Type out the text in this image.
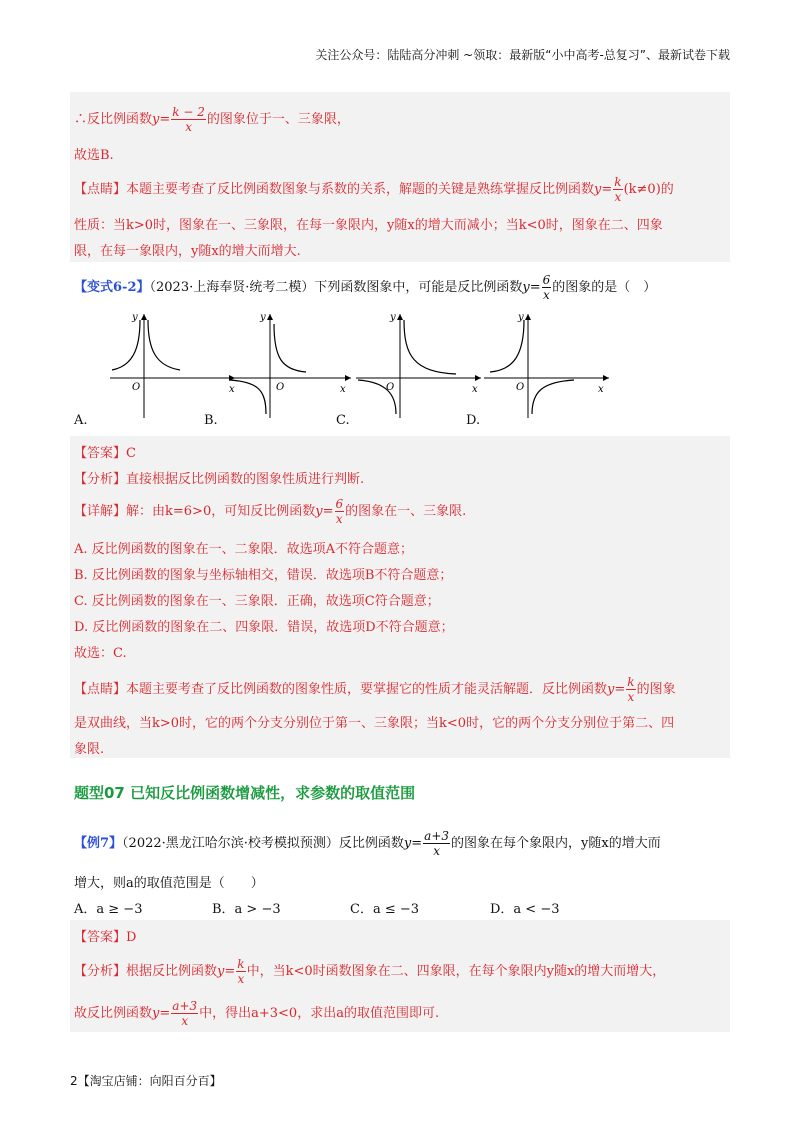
关注公众号：陆陆高分冲刺 ~领取：最新版“小中高考-总复习”、最新试卷下载
∴反比例函数$y= \frac{k - 2}{x}$ 的图象位于一、三象限，
故选B.
【点睛】本题主要考查了反比例函数图象与系数的关系，解题的关键是熟练掌握反比例函数$y= \frac{k}{x} (k\ne 0)$的
性质：当k>0时，图象在一、三象限，在每一象限内，y随x的增大而减小；当k<0时，图象在二、四象
限，在每一象限内，y随x的增大而增大.
【变式6-2】（2023·上海奉贤·统考二模）下列函数图象中，可能是反比例函数$y= \frac{6}{x}$ 的图象的是（　）
y
x
O
y
x
O
y
x
O
y
x
O
A.	B.	C.	D.
【答案】C
【分析】直接根据反比例函数的图象性质进行判断.
【详解】解：由k=6>0，可知反比例函数$y= \frac{6}{x}$ 的图象在一、三象限.
A. 反比例函数的图象在一、二象限．故选项A不符合题意；
B. 反比例函数的图象与坐标轴相交，错误．故选项B不符合题意；
C. 反比例函数的图象在一、三象限．正确，故选项C符合题意；
D. 反比例函数的图象在二、四象限．错误，故选项D不符合题意；
故选：C.
【点睛】本题主要考查了反比例函数的图象性质，要掌握它的性质才能灵活解题．反比例函数$y= \frac{k}{x}$ 的图象
是双曲线，当k>0时，它的两个分支分别位于第一、三象限；当k<0时，它的两个分支分别位于第二、四
象限.
题型07 已知反比例函数增减性，求参数的取值范围
【例7】（2022·黑龙江哈尔滨·校考模拟预测）反比例函数$y= \frac{a+3}{x}$ 的图象在每个象限内，y随x的增大而
增大，则a的取值范围是（　　）
A．a ≥ −3	B．a > −3	C．a ≤ −3	D．a < −3
【答案】D
【分析】根据反比例函数$y= \frac{k}{x}$ 中，当k<0时函数图象在二、四象限，在每个象限内y随x的增大而增大，
故反比例函数$y= \frac{a+3}{x}$ 中，得出a+3<0，求出a的取值范围即可.
2【淘宝店铺：向阳百分百】
